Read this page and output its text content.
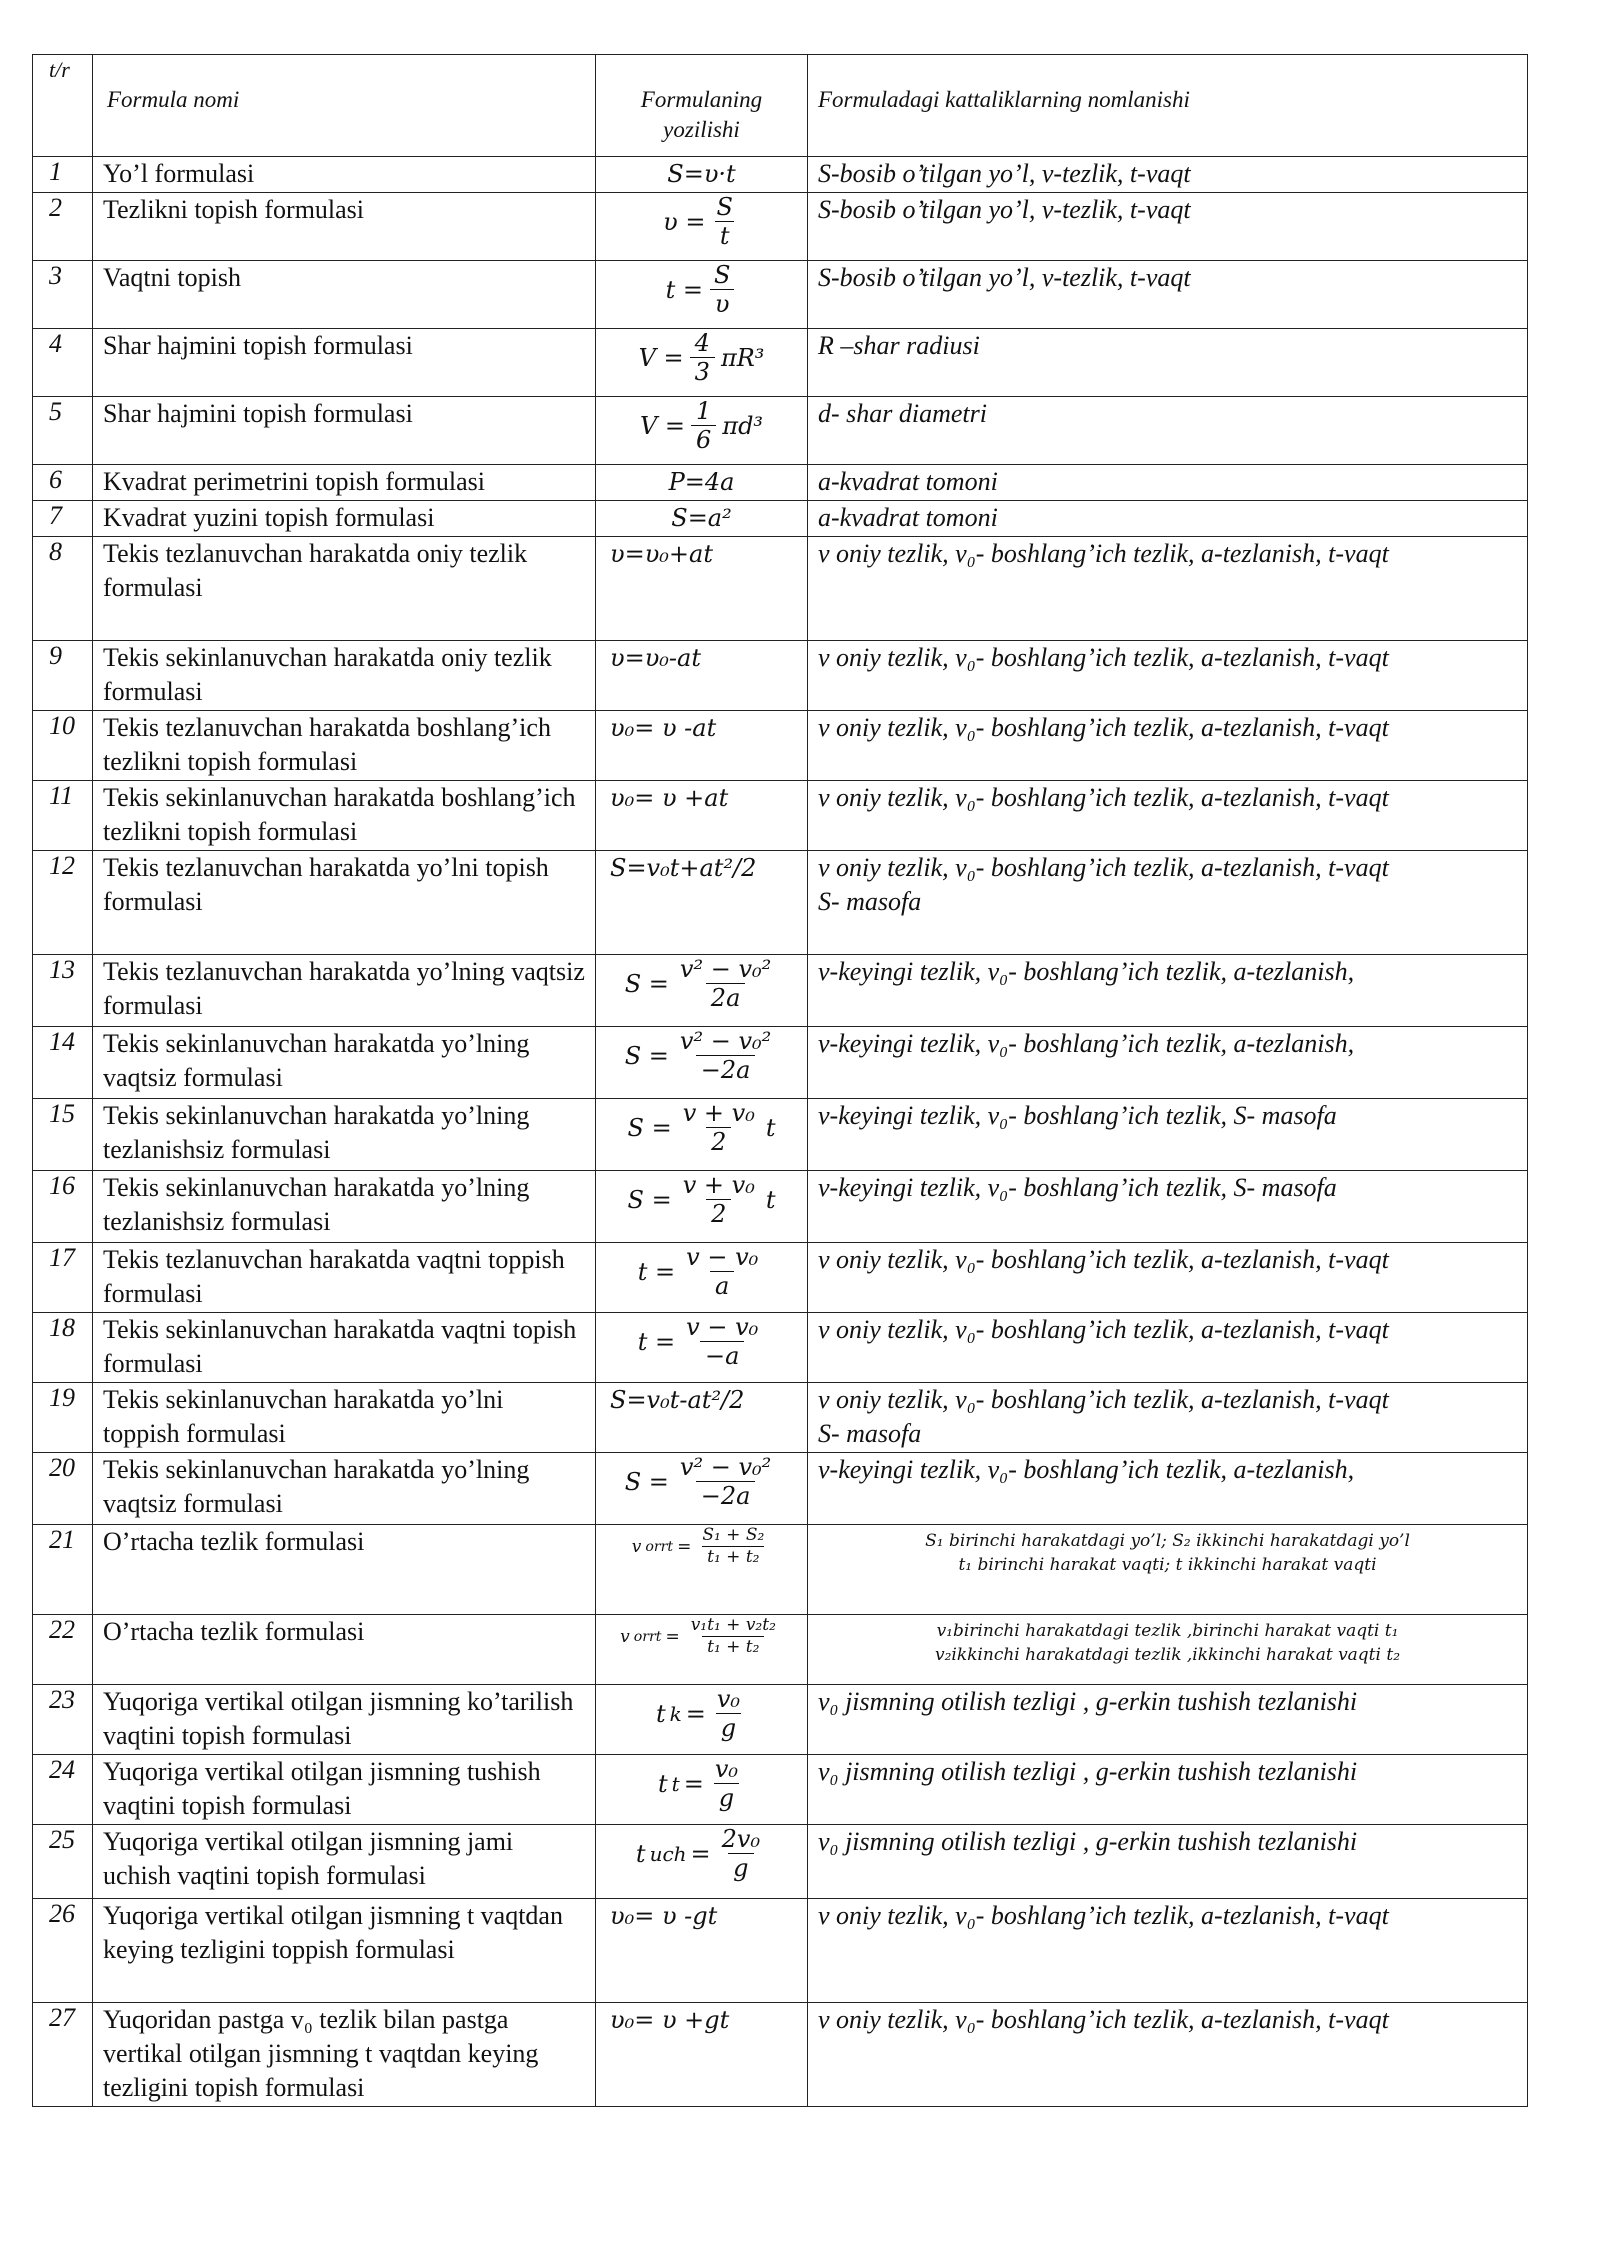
t/r	Formula nomi	Formulaning yozilishi	Formuladagi kattaliklarning nomlanishi

1	Yo’l formulasi	S=υ·t	S-bosib o’tilgan yo’l, v-tezlik, t-vaqt
2	Tezlikni topish formulasi	$\upsilon = \frac{S}{t}$	S-bosib o’tilgan yo’l, v-tezlik, t-vaqt
3	Vaqtni topish	$t = \frac{S}{\upsilon}$	S-bosib o’tilgan yo’l, v-tezlik, t-vaqt
4	Shar hajmini topish formulasi	$V = \frac{4}{3} \pi R^3$	R –shar radiusi
5	Shar hajmini topish formulasi	$V = \frac{1}{6} \pi d^3$	d- shar diametri
6	Kvadrat perimetrini topish formulasi	P=4a	a-kvadrat tomoni
7	Kvadrat yuzini topish formulasi	S=a²	a-kvadrat tomoni
8	Tekis tezlanuvchan harakatda oniy tezlik formulasi	υ=υ₀+at	v oniy tezlik, v₀- boshlang’ich tezlik, a-tezlanish, t-vaqt
9	Tekis sekinlanuvchan harakatda oniy tezlik formulasi	υ=υ₀-at	v oniy tezlik, v₀- boshlang’ich tezlik, a-tezlanish, t-vaqt
10	Tekis tezlanuvchan harakatda boshlang’ich tezlikni topish formulasi	υ₀= υ -at	v oniy tezlik, v₀- boshlang’ich tezlik, a-tezlanish, t-vaqt
11	Tekis sekinlanuvchan harakatda boshlang’ich tezlikni topish formulasi	υ₀= υ +at	v oniy tezlik, v₀- boshlang’ich tezlik, a-tezlanish, t-vaqt
12	Tekis tezlanuvchan harakatda yo’lni topish formulasi	S=v₀t+at²/2	v oniy tezlik, v₀- boshlang’ich tezlik, a-tezlanish, t-vaqt
S- masofa
13	Tekis tezlanuvchan harakatda yo’lning vaqtsiz formulasi	$S = \frac{\text{v² − v₀²}}{2a}$	v-keyingi tezlik, v₀- boshlang’ich tezlik, a-tezlanish,
14	Tekis sekinlanuvchan harakatda yo’lning vaqtsiz formulasi	$S = \frac{\text{v² − v₀²}}{-2a}$	v-keyingi tezlik, v₀- boshlang’ich tezlik, a-tezlanish,
15	Tekis sekinlanuvchan harakatda yo’lning tezlanishsiz formulasi	$S = \frac{\text{v + v₀}}{2}$ t	v-keyingi tezlik, v₀- boshlang’ich tezlik, S- masofa
16	Tekis sekinlanuvchan harakatda yo’lning tezlanishsiz formulasi	$S = \frac{\text{v + v₀}}{2}$ t	v-keyingi tezlik, v₀- boshlang’ich tezlik, S- masofa
17	Tekis tezlanuvchan harakatda vaqtni toppish formulasi	$t = \frac{\text{v − v₀}}{a}$	v oniy tezlik, v₀- boshlang’ich tezlik, a-tezlanish, t-vaqt
18	Tekis sekinlanuvchan harakatda vaqtni topish formulasi	$t = \frac{\text{v − v₀}}{-a}$	v oniy tezlik, v₀- boshlang’ich tezlik, a-tezlanish, t-vaqt
19	Tekis sekinlanuvchan harakatda yo’lni toppish formulasi	S=v₀t-at²/2	v oniy tezlik, v₀- boshlang’ich tezlik, a-tezlanish, t-vaqt
S- masofa
20	Tekis sekinlanuvchan harakatda yo’lning vaqtsiz formulasi	$S = \frac{\text{v² − v₀²}}{-2a}$	v-keyingi tezlik, v₀- boshlang’ich tezlik, a-tezlanish,
21	O’rtacha tezlik formulasi	v orrt = $\frac{\text{S₁ + S₂}}{\text{t₁ + t₂}}$	S₁ birinchi harakatdagi yo’l; S₂ ikkinchi harakatdagi yo’l
t₁ birinchi harakat vaqti; t ikkinchi harakat vaqti

22	O’rtacha tezlik formulasi	v orrt = $\frac{\text{v₁t₁ + v₂t₂}}{\text{t₁ + t₂}}$	v₁birinchi harakatdagi tezlik ,birinchi harakat vaqti t₁
v₂ikkinchi harakatdagi tezlik ,ikkinchi harakat vaqti t₂

23	Yuqoriga vertikal otilgan jismning ko’tarilish vaqtini topish formulasi	t $k = \frac{\text{v₀}}{g}$	v₀ jismning otilish tezligi , g-erkin tushish tezlanishi
24	Yuqoriga vertikal otilgan jismning tushish vaqtini topish formulasi	t $t = \frac{\text{v₀}}{g}$	v₀ jismning otilish tezligi , g-erkin tushish tezlanishi
25	Yuqoriga vertikal otilgan jismning jami uchish vaqtini topish formulasi	t uch = $\frac{\text{2v₀}}{g}$	v₀ jismning otilish tezligi , g-erkin tushish tezlanishi
26	Yuqoriga vertikal otilgan jismning t vaqtdan keying tezligini toppish formulasi	υ₀= υ -gt	v oniy tezlik, v₀- boshlang’ich tezlik, a-tezlanish, t-vaqt
27	Yuqoridan pastga v₀ tezlik bilan pastga vertikal otilgan jismning t vaqtdan keying tezligini topish formulasi	υ₀= υ +gt	v oniy tezlik, v₀- boshlang’ich tezlik, a-tezlanish, t-vaqt
